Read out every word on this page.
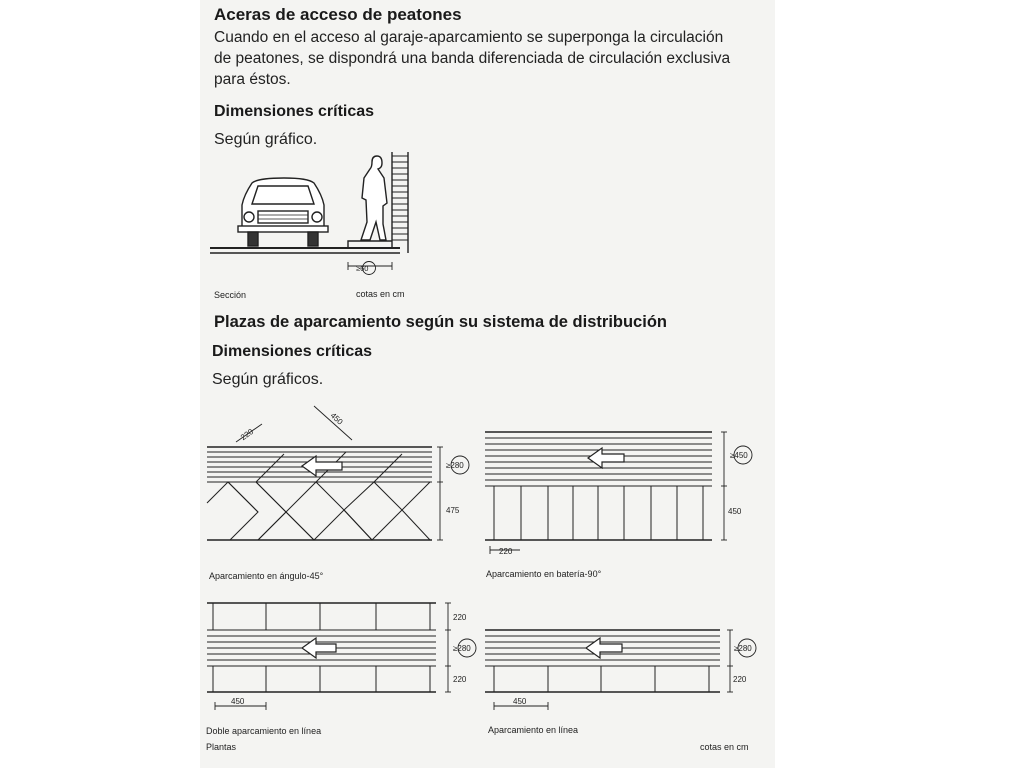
Aceras de acceso de peatones
Cuando en el acceso al garaje-aparcamiento se superponga la circulación
de peatones, se dispondrá una banda diferenciada de circulación exclusiva
para éstos.
Dimensiones críticas
Según gráfico.
≥60
Sección	cotas en cm
Plazas de aparcamiento según su sistema de distribución
Dimensiones críticas
Según gráficos.
220
450
≥280
475
≥450
450
220
220
≥280
220
450
≥280
220
450
Aparcamiento en ángulo-45°	Aparcamiento en batería-90°
Doble aparcamiento en línea	Aparcamiento en línea
Plantas	cotas en cm
